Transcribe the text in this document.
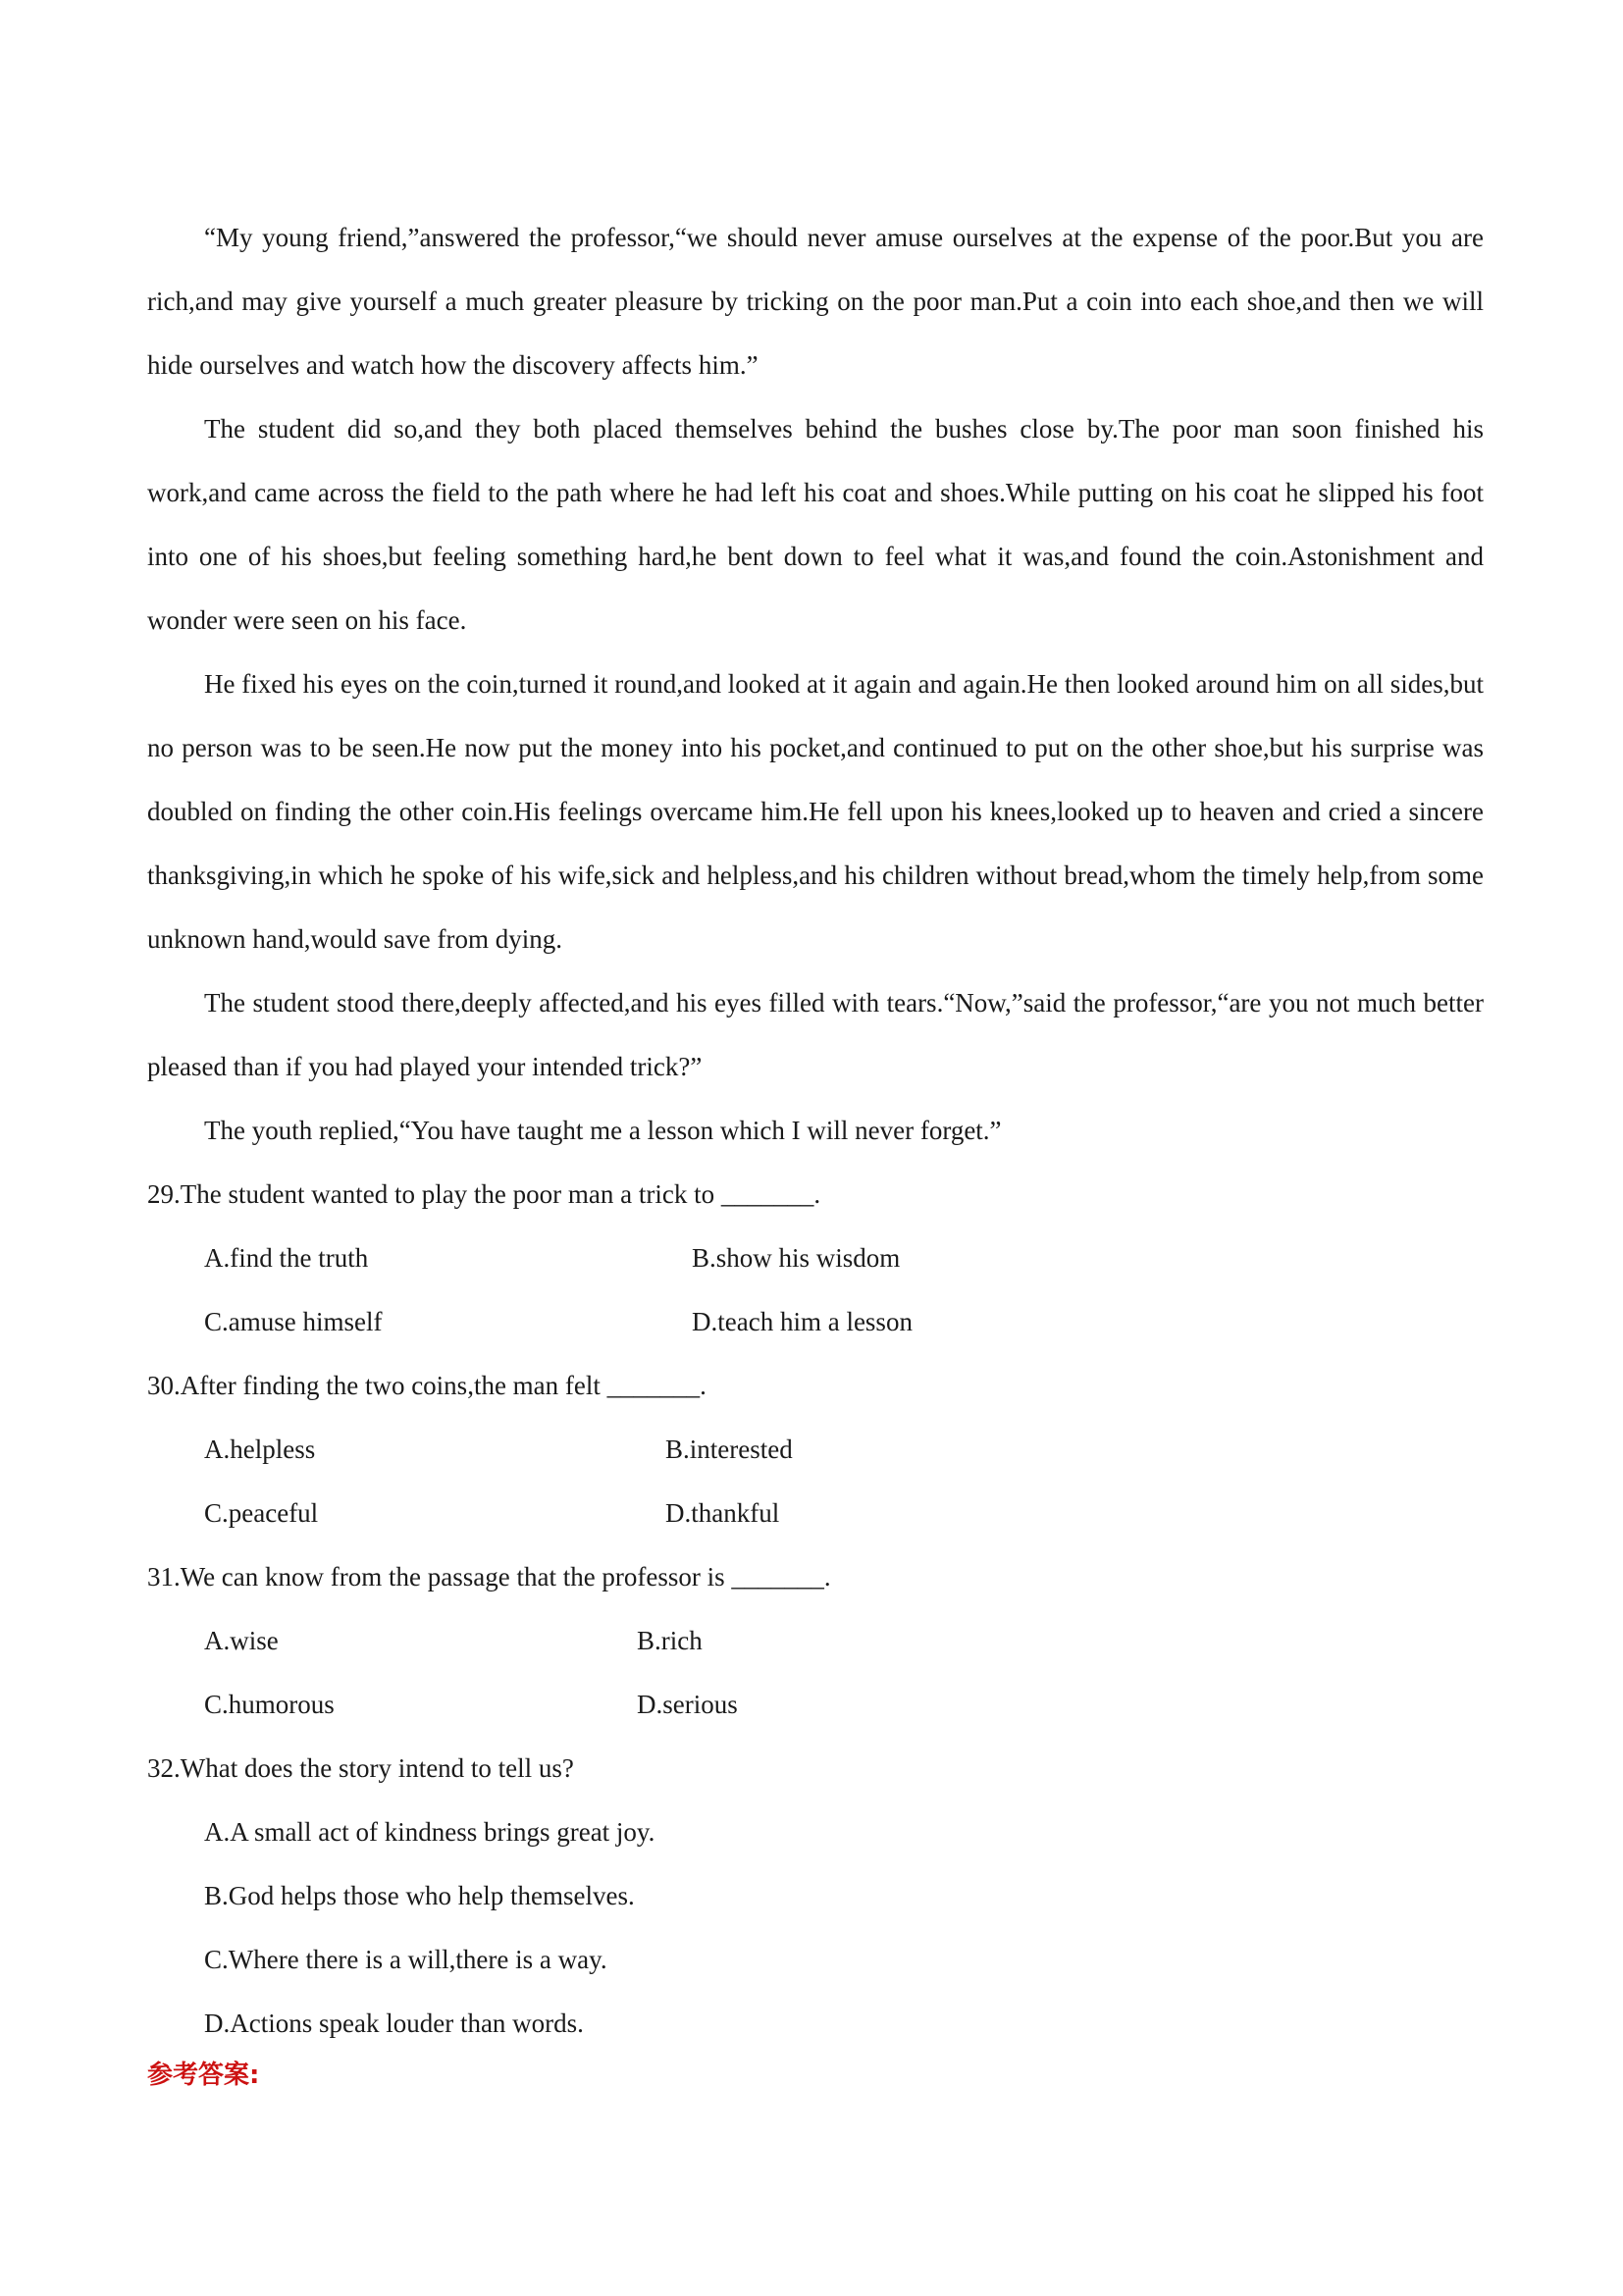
“My young friend,”answered the professor,“we should never amuse ourselves at the expense of the poor.But you are rich,and may give yourself a much greater pleasure by tricking on the poor man.Put a coin into each shoe,and then we will hide ourselves and watch how the discovery affects him.”

The student did so,and they both placed themselves behind the bushes close by.The poor man soon finished his work,and came across the field to the path where he had left his coat and shoes.While putting on his coat he slipped his foot into one of his shoes,but feeling something hard,he bent down to feel what it was,and found the coin.Astonishment and wonder were seen on his face.

He fixed his eyes on the coin,turned it round,and looked at it again and again.He then looked around him on all sides,but no person was to be seen.He now put the money into his pocket,and continued to put on the other shoe,but his surprise was doubled on finding the other coin.His feelings overcame him.He fell upon his knees,looked up to heaven and cried a sincere thanksgiving,in which he spoke of his wife,sick and helpless,and his children without bread,whom the timely help,from some unknown hand,would save from dying.

The student stood there,deeply affected,and his eyes filled with tears.“Now,”said the professor,“are you not much better pleased than if you had played your intended trick?”

The youth replied,“You have taught me a lesson which I will never forget.”

29.The student wanted to play the poor man a trick to _______.

A.find the truth	B.show his wisdom
C.amuse himself	D.teach him a lesson

30.After finding the two coins,the man felt _______.

A.helpless	B.interested
C.peaceful	D.thankful

31.We can know from the passage that the professor is _______.

A.wise	B.rich
C.humorous	D.serious

32.What does the story intend to tell us?

A.A small act of kindness brings great joy.
B.God helps those who help themselves.
C.Where there is a will,there is a way.
D.Actions speak louder than words.

参考答案:
